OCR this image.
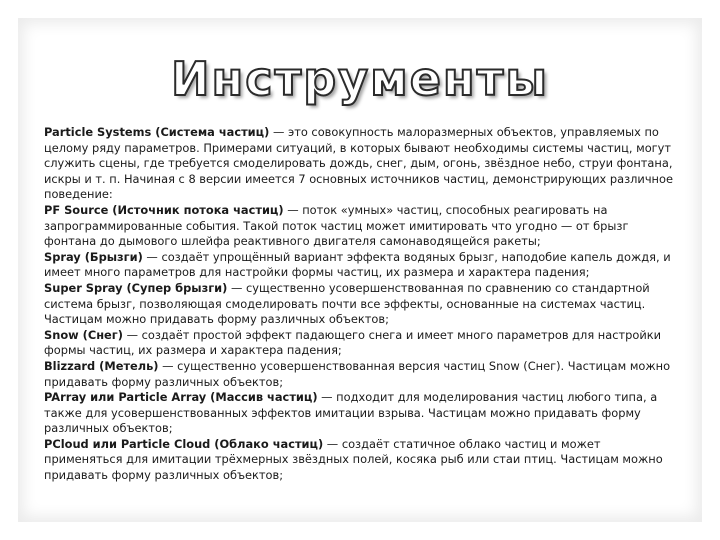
Инструменты

Particle Systems (Система частиц) — это совокупность малоразмерных объектов, управляемых по целому ряду параметров. Примерами ситуаций, в которых бывают необходимы системы частиц, могут служить сцены, где требуется смоделировать дождь, снег, дым, огонь, звёздное небо, струи фонтана, искры и т. п. Начиная с 8 версии имеется 7 основных источников частиц, демонстрирующих различное поведение:

PF Source (Источник потока частиц) — поток «умных» частиц, способных реагировать на запрограммированные события. Такой поток частиц может имитировать что угодно — от брызг фонтана до дымового шлейфа реактивного двигателя самонаводящейся ракеты;

Spray (Брызги) — создаёт упрощённый вариант эффекта водяных брызг, наподобие капель дождя, и имеет много параметров для настройки формы частиц, их размера и характера падения;

Super Spray (Супер брызги) — существенно усовершенствованная по сравнению со стандартной система брызг, позволяющая смоделировать почти все эффекты, основанные на системах частиц. Частицам можно придавать форму различных объектов;

Snow (Снег) — создаёт простой эффект падающего снега и имеет много параметров для настройки формы частиц, их размера и характера падения;

Blizzard (Метель) — существенно усовершенствованная версия частиц Snow (Снег). Частицам можно придавать форму различных объектов;

PArray или Particle Array (Массив частиц) — подходит для моделирования частиц любого типа, а также для усовершенствованных эффектов имитации взрыва. Частицам можно придавать форму различных объектов;

PCloud или Particle Cloud (Облако частиц) — создаёт статичное облако частиц и может применяться для имитации трёхмерных звёздных полей, косяка рыб или стаи птиц. Частицам можно придавать форму различных объектов;
